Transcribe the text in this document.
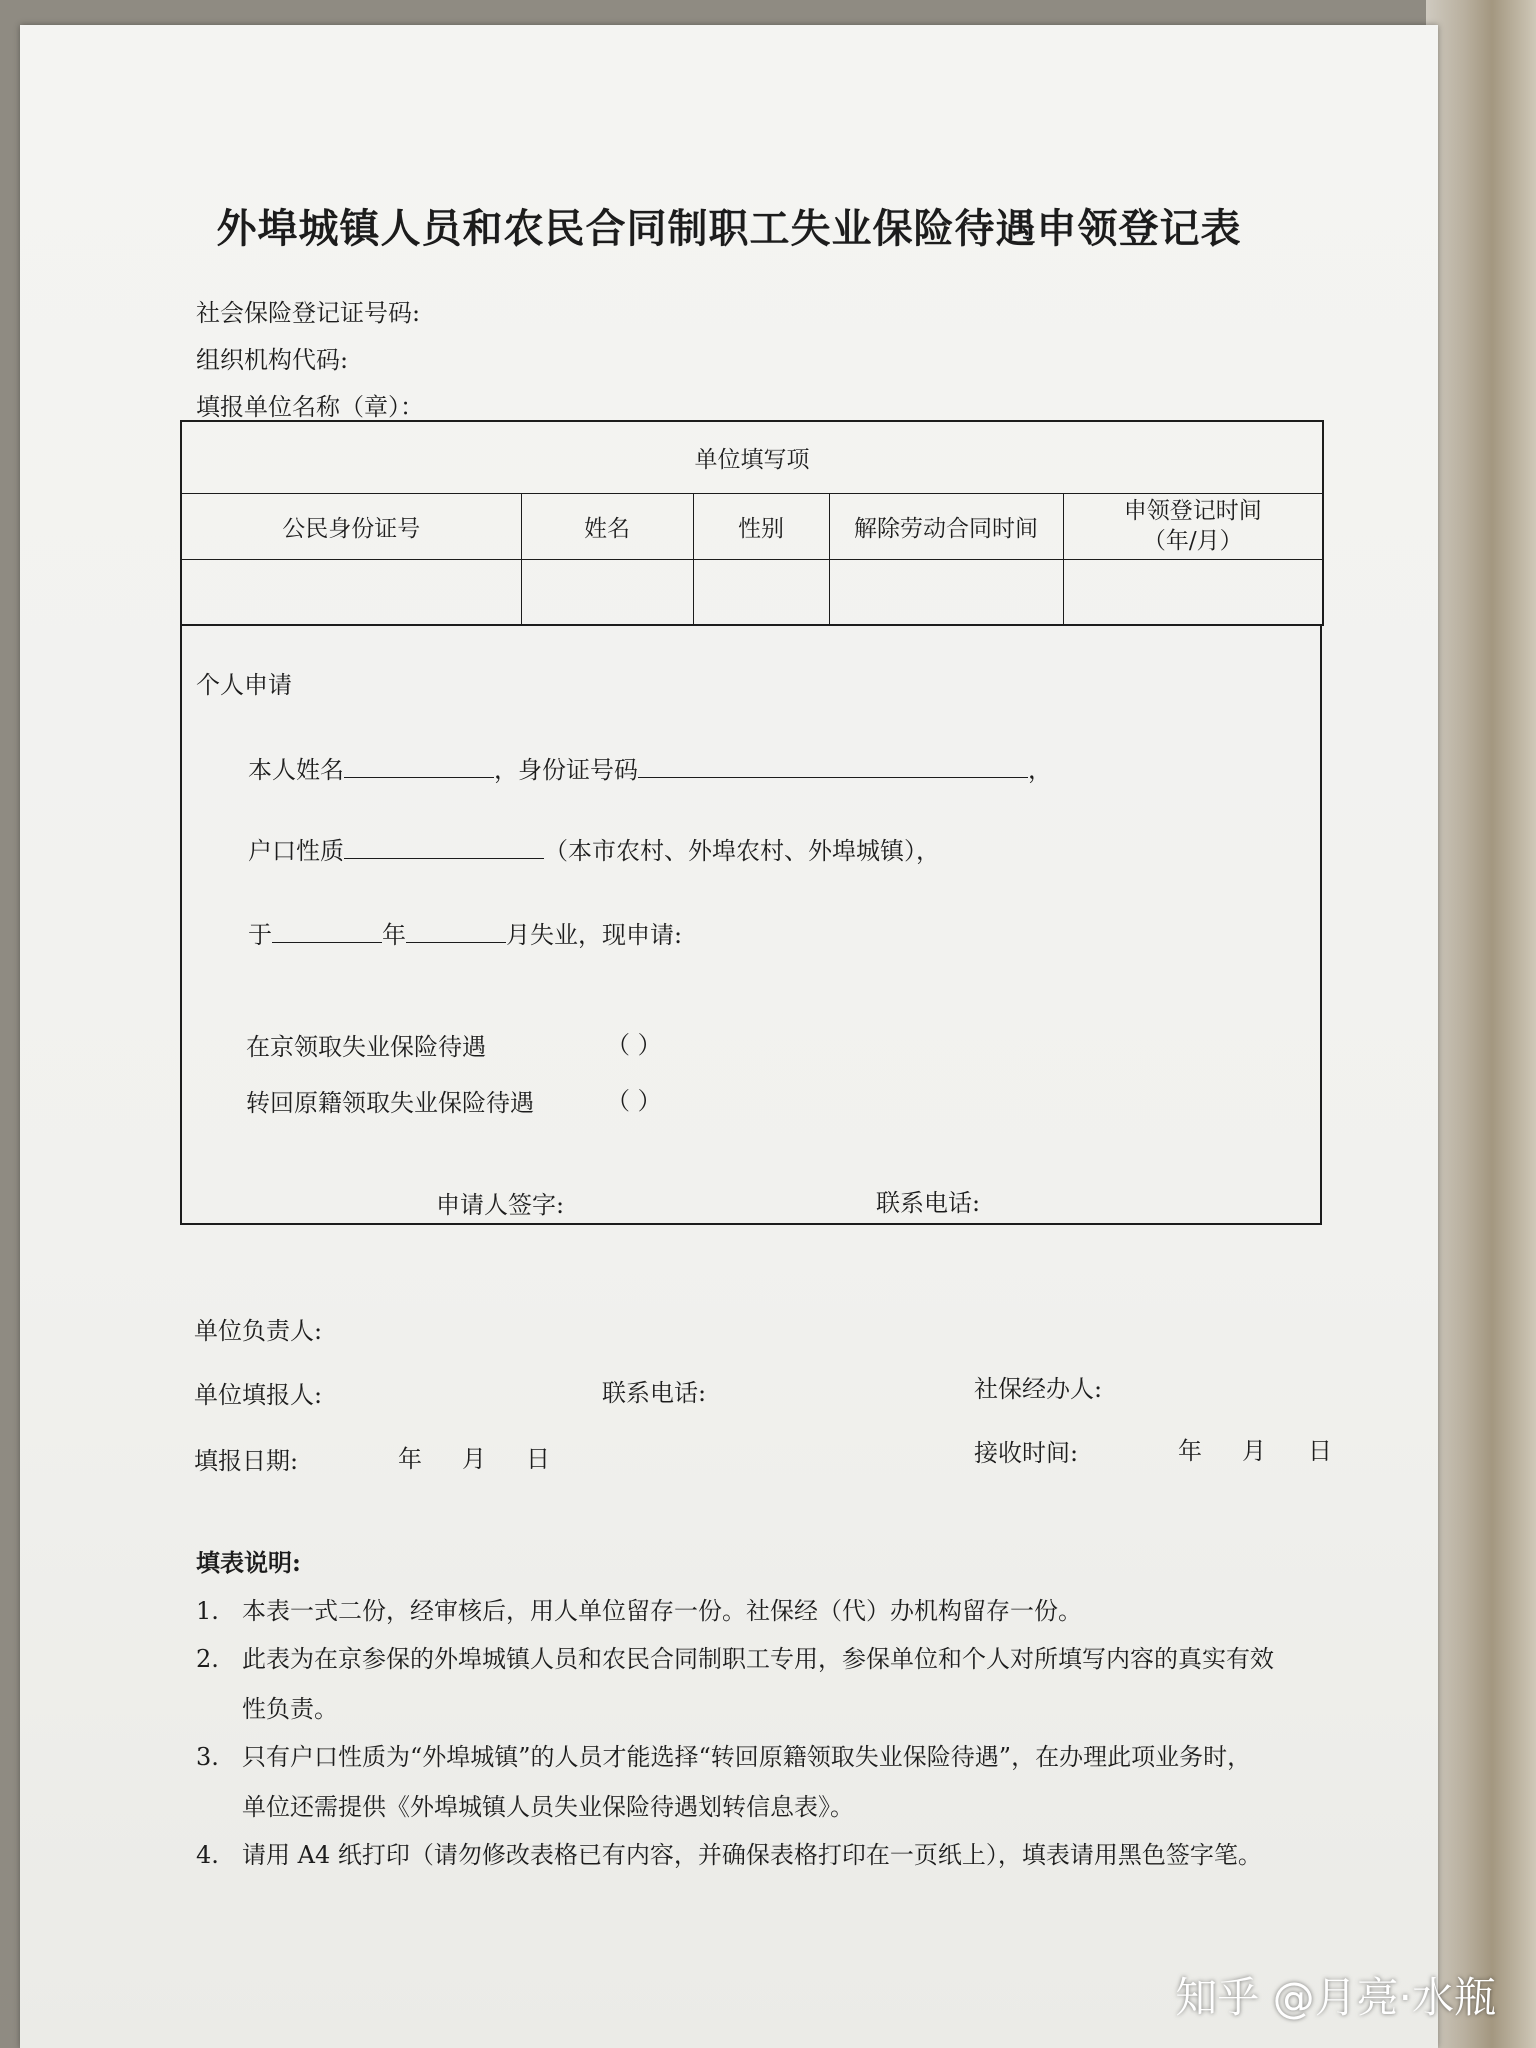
外埠城镇人员和农民合同制职工失业保险待遇申领登记表
社会保险登记证号码:
组织机构代码:
填报单位名称（章）：
单位填写项				
公民身份证号	姓名	性别	解除劳动合同时间	申领登记时间
（年/月）

个人申请
本人姓名	，身份证号码	，
户口性质	（本市农村、外埠农村、外埠城镇），
于	年	月失业，现申请:
在京领取失业保险待遇	（ ）
转回原籍领取失业保险待遇	（ ）
申请人签字:	联系电话:
单位负责人:
单位填报人:	联系电话:	社保经办人:
填报日期:	年 月 日	接收时间:	年 月 日
填表说明:
1. 本表一式二份，经审核后，用人单位留存一份。社保经（代）办机构留存一份。
2. 此表为在京参保的外埠城镇人员和农民合同制职工专用，参保单位和个人对所填写内容的真实有效
性负责。
3. 只有户口性质为“外埠城镇”的人员才能选择“转回原籍领取失业保险待遇”，在办理此项业务时，
单位还需提供《外埠城镇人员失业保险待遇划转信息表》。
4. 请用 A4 纸打印（请勿修改表格已有内容，并确保表格打印在一页纸上），填表请用黑色签字笔。
知乎 @月亮·水瓶
